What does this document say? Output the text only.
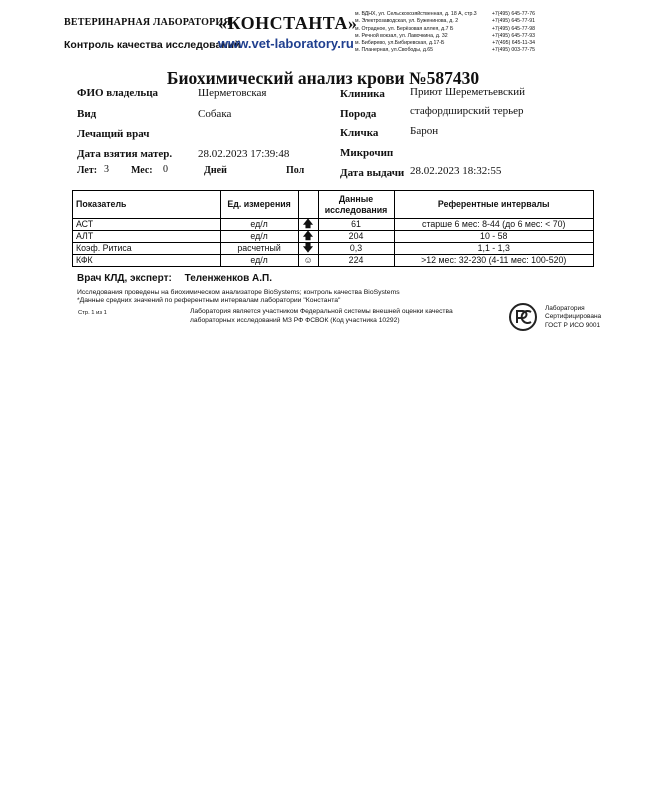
ВЕТЕРИНАРНАЯ ЛАБОРАТОРИЯ
«КОНСТАНТА»
Контроль качества исследований
www.vet-laboratory.ru
м. ВДНХ, ул. Сельскохозяйственная, д. 18 А, стр.3	+7(495) 645-77-76
м. Электрозаводская, ул. Буженинова, д. 2	+7(495) 645-77-91
м. Отрадное, ул. Берёзовая аллея, д.7 Б	+7(495) 645-77-98
м. Речной вокзал, ул. Лавочкина, д. 32	+7(495) 645-77-93
м. Бибирево, ул.Бибиревская, д.17-Б	+7(495) 645-11-34
м. Планерная, ул.Свободы, д.65	+7(495) 003-77-75
Биохимический анализ крови №587430
ФИО владельца	Шерметовская	Клиника Приют Шереметьевский
Вид	Собака	Порода	стафордширский терьер
Лечащий врач	Кличка	Барон
Дата взятия матер. 28.02.2023 17:39:48	Микрочип
Лет: 3 Мес: 0	Дней	Пол	Дата выдачи 28.02.2023 18:32:55
Показатель	Ед. измерения		Данные исследования	Референтные интервалы
АСТ	ед/л	🡅	61	старше 6 мес: 8-44 (до 6 мес: < 70)
АЛТ	ед/л	🡅	204	10 - 58
Коэф. Ритиса	расчетный	🡇	0,3	1,1 - 1,3
КФК	ед/л	☺	224	>12 мес: 32-230 (4-11 мес: 100-520)
Врач КЛД, эксперт: Теленженков А.П.
Исследования проведены на биохимическом анализаторе BioSystems; контроль качества BioSystems
*Данные средних значений по референтным интервалам лаборатории "Константа"
Стр. 1 из 1	Лаборатория является участником Федеральной системы внешней оценки качества
лабораторных исследований МЗ РФ ФСВОК (Код участника 10292)
Лаборатория
Сертифицирована
ГОСТ Р ИСО 9001
